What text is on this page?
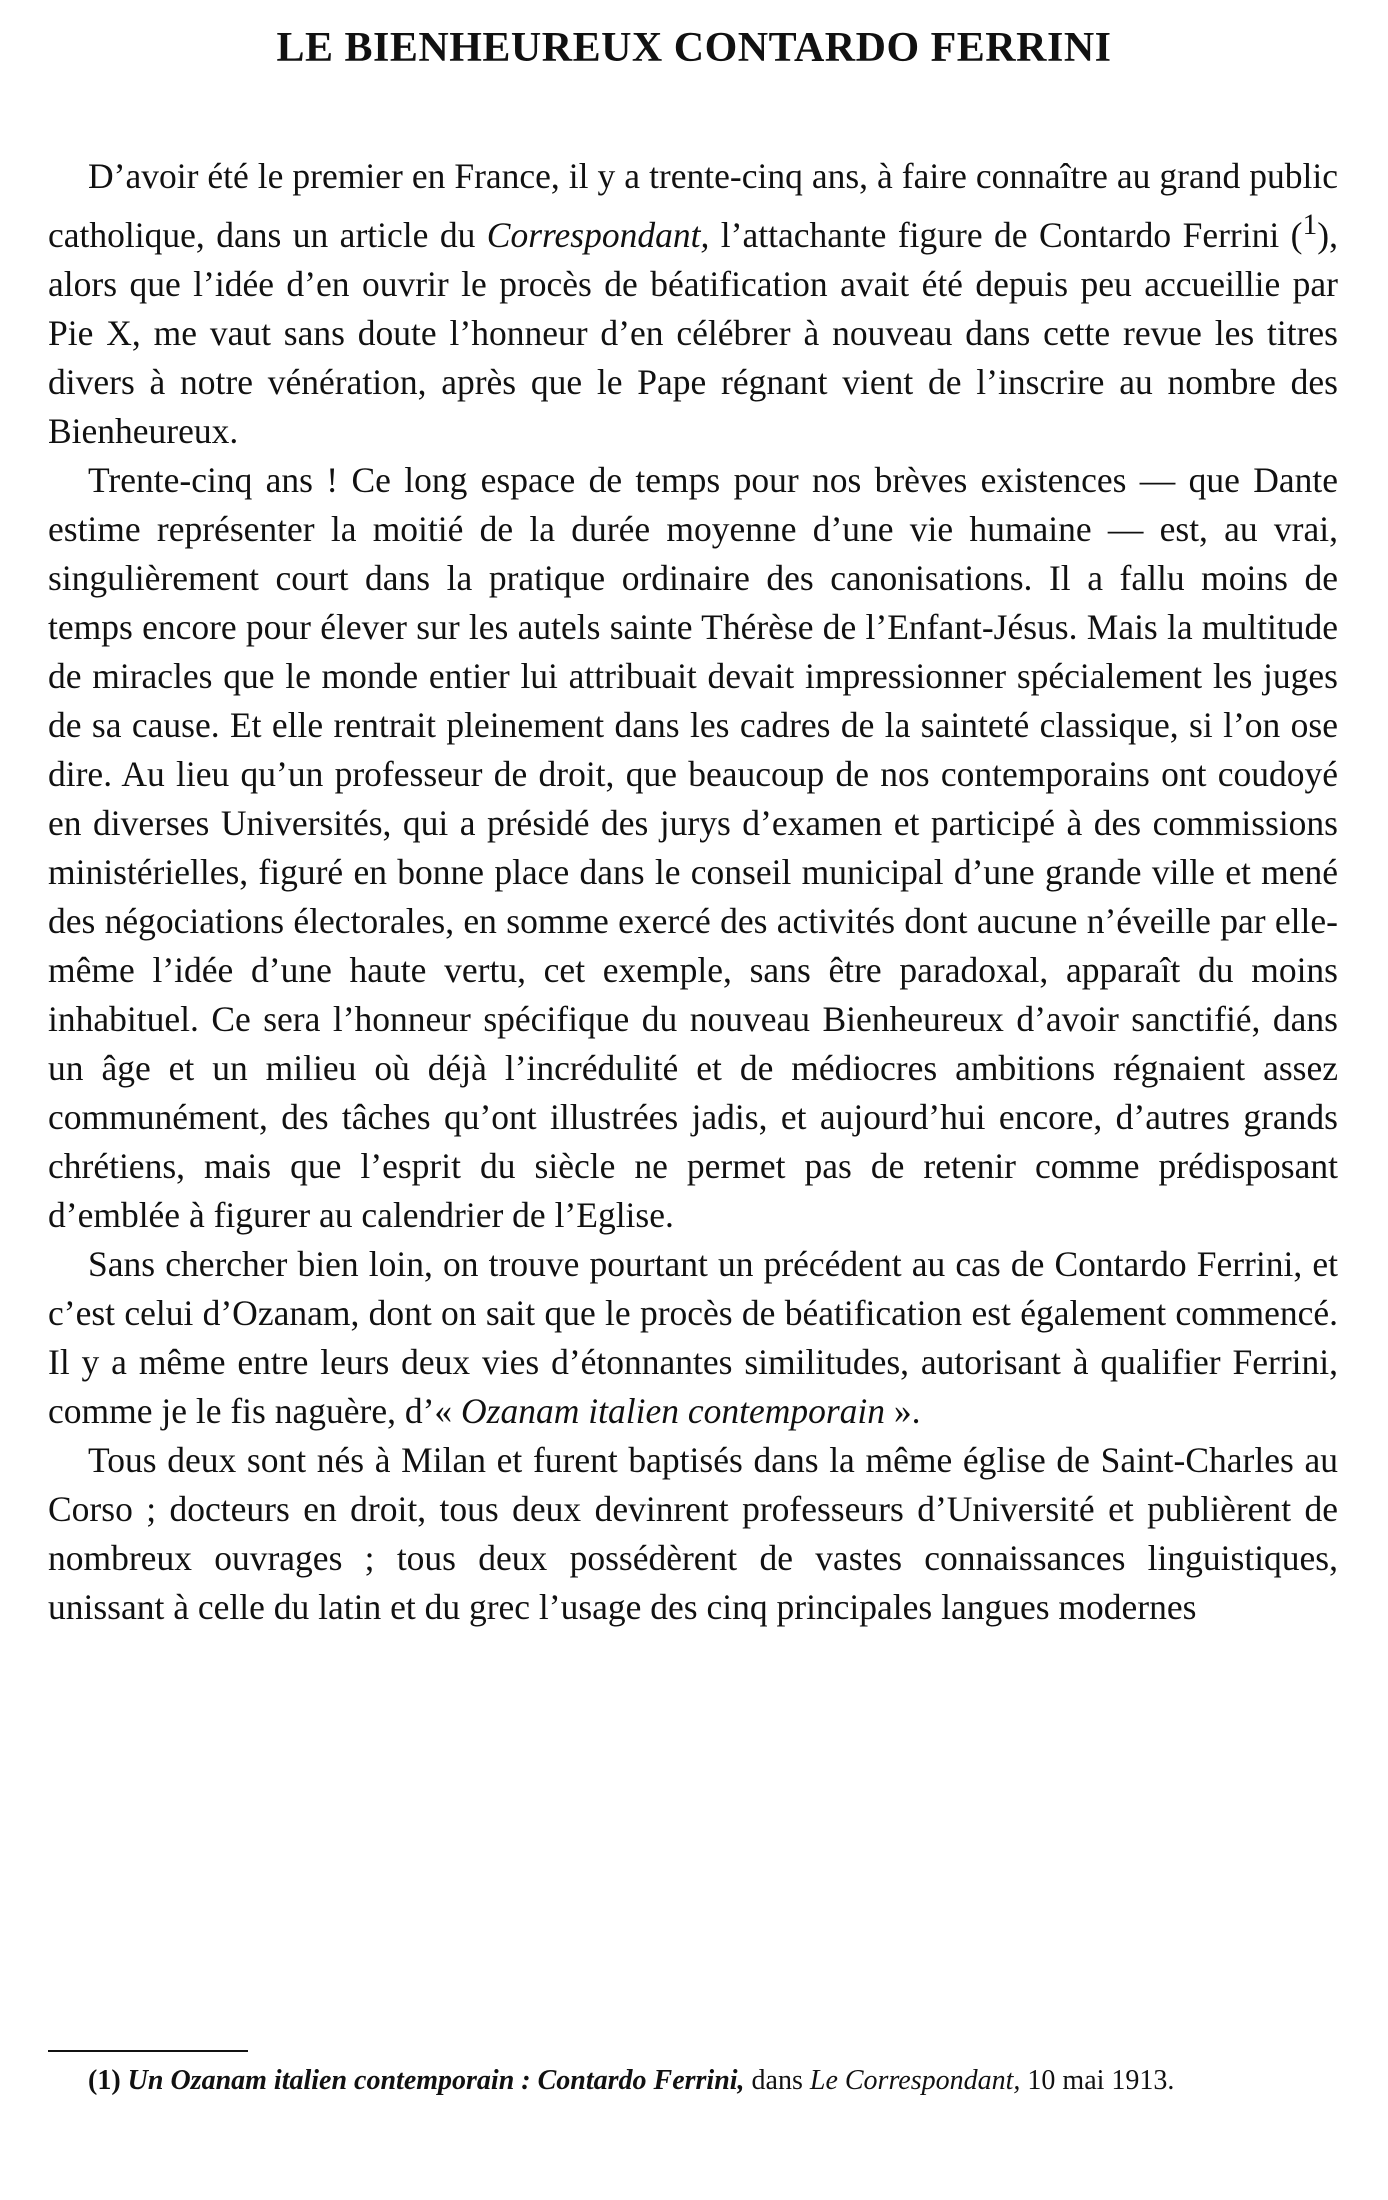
LE BIENHEUREUX CONTARDO FERRINI

D’avoir été le premier en France, il y a trente-cinq ans, à faire connaître au grand public catholique, dans un article du Correspondant, l’attachante figure de Contardo Ferrini ($^1$), alors que l’idée d’en ouvrir le procès de béatification avait été depuis peu accueillie par Pie X, me vaut sans doute l’honneur d’en célébrer à nouveau dans cette revue les titres divers à notre vénération, après que le Pape régnant vient de l’inscrire au nombre des Bienheureux.

Trente-cinq ans ! Ce long espace de temps pour nos brèves existences — que Dante estime représenter la moitié de la durée moyenne d’une vie humaine — est, au vrai, singulièrement court dans la pratique ordinaire des canonisations. Il a fallu moins de temps encore pour élever sur les autels sainte Thérèse de l’Enfant-Jésus. Mais la multitude de miracles que le monde entier lui attribuait devait impressionner spécialement les juges de sa cause. Et elle rentrait pleinement dans les cadres de la sainteté classique, si l’on ose dire. Au lieu qu’un professeur de droit, que beaucoup de nos contemporains ont coudoyé en diverses Universités, qui a présidé des jurys d’examen et participé à des commissions ministérielles, figuré en bonne place dans le conseil municipal d’une grande ville et mené des négociations électorales, en somme exercé des activités dont aucune n’éveille par elle-même l’idée d’une haute vertu, cet exemple, sans être paradoxal, apparaît du moins inhabituel. Ce sera l’honneur spécifique du nouveau Bienheureux d’avoir sanctifié, dans un âge et un milieu où déjà l’incrédulité et de médiocres ambitions régnaient assez communément, des tâches qu’ont illustrées jadis, et aujourd’hui encore, d’autres grands chrétiens, mais que l’esprit du siècle ne permet pas de retenir comme prédisposant d’emblée à figurer au calendrier de l’Eglise.

Sans chercher bien loin, on trouve pourtant un précédent au cas de Contardo Ferrini, et c’est celui d’Ozanam, dont on sait que le procès de béatification est également commencé. Il y a même entre leurs deux vies d’étonnantes similitudes, autorisant à qualifier Ferrini, comme je le fis naguère, d’« Ozanam italien contemporain ».

Tous deux sont nés à Milan et furent baptisés dans la même église de Saint-Charles au Corso ; docteurs en droit, tous deux devinrent professeurs d’Université et publièrent de nombreux ouvrages ; tous deux possédèrent de vastes connaissances linguistiques, unissant à celle du latin et du grec l’usage des cinq principales langues modernes

(1) Un Ozanam italien contemporain : Contardo Ferrini, dans Le Correspondant, 10 mai 1913.
